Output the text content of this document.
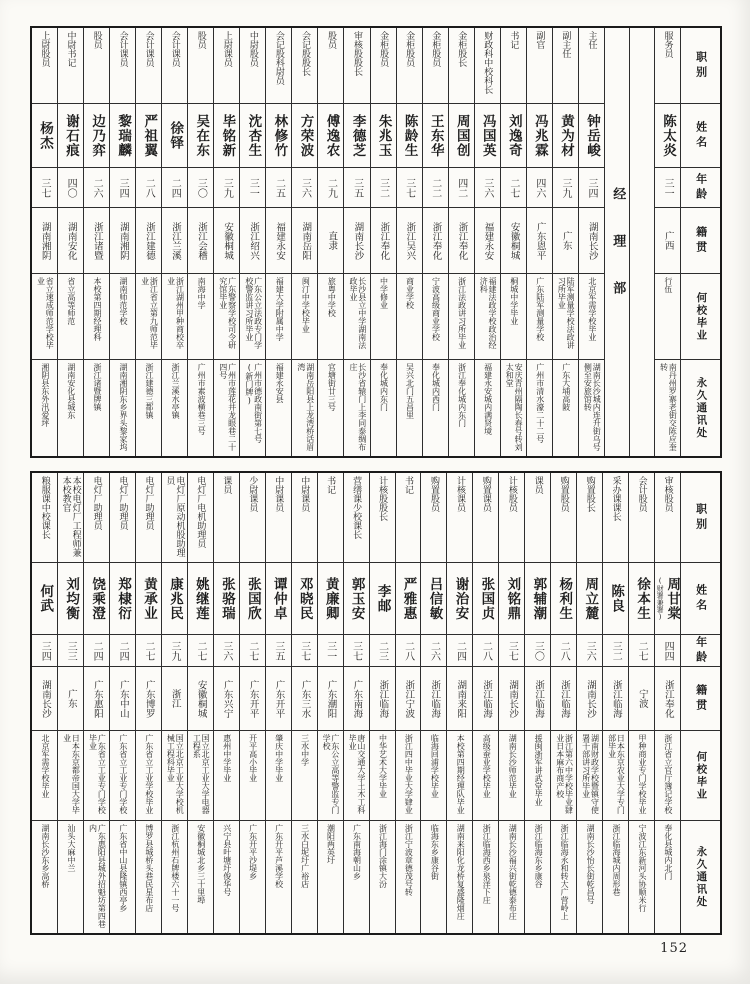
职别
姓名
年龄
籍贯
何校毕业
永久通讯处
服务员
陈太炎
三一
广西
行伍
南丹州罗寨老街交陈应奎转
经理部
主任
钟岳峻
三四
湖南长沙
北京军需学校毕业
湖南长沙城内连升街乌号侧至安旅馆转
副主任
黄为材
三九
广东
陆军测量学校法政讲习所毕业
广东大埔高陂
副官
冯兆霖
四六
广东恩平
广东陆军测量学校
广州市清水濠二十二号
书记
刘逸奇
二七
安徽桐城
桐城中学毕业
安庆青州隔陶长春号转刘太和堂
财政科中校科长
冯国英
三六
福建永安
福建法政学校政治经济科
福建永安城内满贤境
金柜股长
周国创
四二
浙江奉化
浙江法政讲习所毕业
浙江奉化城内东门
金柜股员
王东华
二二
浙江奉化
宁波高级商业学校
奉化城内西门
金柜股员
陈龄生
三七
浙江吴兴
商业学校
吴兴北门五昌里
金柜股员
朱兆玉
三二
浙江奉化
中学修业
奉化城内东门
审核股股长
李德芝
三五
湖南长沙
长沙县立中学湖南法政毕业
长沙省辕门上李同泰绸布庄
股员
傅逸农
二九
直隶
旅粤中学校
官塘街廿三号
会记股股长
方荣波
三六
湖南岳阳
闽汀中学校毕业
湖南岳阳县上龙湾桥话眉湾
会记股科尉员
林修竹
二五
福建永安
福建大学附属中学
福建永安县
中尉股员
沈杏生
三一
浙江绍兴
广东公立法政专门学校警监讲习所毕业
广州市德政南街第七号(新门牌)
上尉课员
毕铭新
三九
安徽桐城
广东警察学校司令研究馆毕业
广州市莲花井龙眼巷二十四号
股员
吴在东
三〇
浙江会稽
南海中学
广州市素波横巷三号
会计课员
徐铎
二四
浙江兰溪
浙江湖州甲种商校卒业
浙江兰溪水亭镇
会计课员
严祖翼
二八
浙江建德
浙江省立第九师范毕业
浙江建德三都镇
会计课员
黎瑞麟
三四
湖南湘阴
湖南师范学校
湖南湘阴东乡界头黎家坞
股员
边乃弈
二六
浙江诸暨
本校第四期经理科
浙江诸暨牌镇
中尉书记
谢石痕
四〇
湖南安化
省立高等师范
湖南安化县城东
上尉股员
杨杰
三七
湖南湘阴
省立速成师范学校毕业
湘阴县东外汛爱坪
职别
姓名
年龄
籍贯
何校毕业
永久通讯处
审核股员
周甘棠
(财署兼署)
四四
浙江奉化
浙江省立官厅簿记学校
奉化县城内北门
会计股员
徐本生
二七
宁波
甲种商业专门学校毕业
宁波江东新河头协顺米行
采办课课长
陈良
三二
浙江临海
日本东京农业大学专门部毕业
浙江临海城内周形巷
购置股长
周立麓
三六
湖南长沙
湖南财政学校暨镇守使署干部讲习所毕业
湖南长沙怡长街乾昌号
购置股员
杨利生
二八
浙江临海
浙江第六中学校毕业肄业日本麻布商产校
浙江临海永和转大广营岭上
课员
郭辅潮
三〇
浙江临海
援闽浙军讲武堂毕业
浙江临海东乡康谷
计核股员
刘铭鼎
三七
湖南长沙
湖南长沙师范毕业
湖南长沙福兴街乾德泰布庄
购置课员
张国贞
二八
浙江临海
高级蚕业学校毕业
浙江临海西乡泉洋下庄
计核课员
谢治安
二四
湖南来阳
本校第四期经理队毕业
湖南来阳化龙桥复盛隆烟庄
购置股员
吕信敏
二六
浙江临海
临海回浦学校毕业
临海东乡康谷街
书记
严雅惠
二八
浙江宁波
浙江四中毕业大学肄业
浙江宁波章德茂号转
计核股股长
李邮
二三
浙江临海
中华艺术大学毕业
浙江海门涂镇大汾
营缮课少校课长
郭玉安
三七
广东南海
唐山交通大学土木工科毕业
广东南海朝山乡
书记
黄廉卿
三一
广东潮阳
广东公立高等警监专门学校
潮阳两英圩
中尉课员
邓晓民
三七
广东三水
三水中学
三水白坭圩广裕店
中尉课员
谭仲卓
三五
广东开平
肇庆中学毕业
广东开平芦溪学校
少尉课员
张国欣
二七
广东开平
开平高小毕业
广东开平沙堤乡
课员
张骆瑞
三六
广东兴宁
惠州中学毕业
兴宁县叶塘圩俊华号
电灯厂电机助理员
姚继莲
二七
安徽桐城
国立北京工业大学电器工程系
安徽桐城北乡三十里埠
电灯厂原动机股助理员
康兆民
三九
浙江
国立北京工业大学校机械工程科毕业
浙江杭州石牌楼六十一号
电灯厂助理员
黄承业
二七
广东博罗
广东省立工业学校毕业
博罗县城桥头巷民星布店
电灯厂助理员
郑棣衍
二四
广东中山
广东省立工业专门学校
广东省中山县隆镇西亭乡
电灯厂助理员
饶乘澄
二四
广东惠阳
广东省立工业专门学校毕业
广东惠阳县城外招魁坊第四巷内
本校电灯厂工程师兼本校教官
刘均衡
三三
广东
日本东京都帝国大学毕业
汕头大麻中兰
粮服课中校课长
何武
三四
湖南长沙
北京军需学校毕业
湖南长沙东乡高桥
152
